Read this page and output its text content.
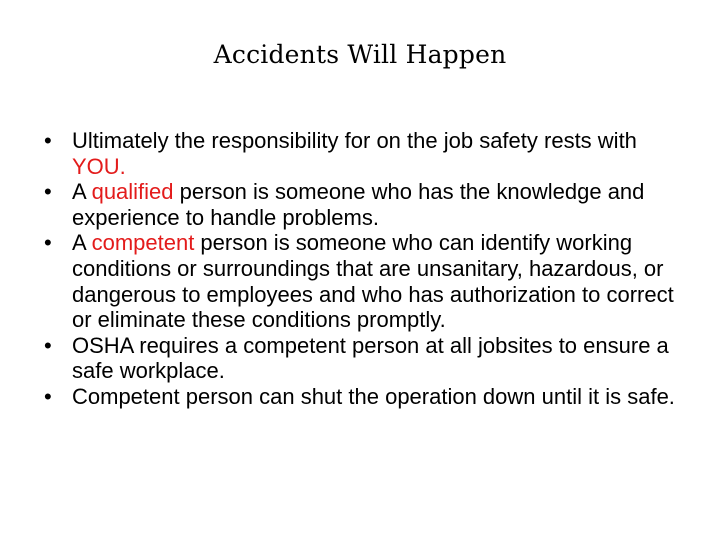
Accidents Will Happen
• Ultimately the responsibility for on the job safety rests with YOU.
• A qualified person is someone who has the knowledge and experience to handle problems.
• A competent person is someone who can identify working conditions or surroundings that are unsanitary, hazardous, or dangerous to employees and who has authorization to correct or eliminate these conditions promptly.
• OSHA requires a competent person at all jobsites to ensure a safe workplace.
• Competent person can shut the operation down until it is safe.
